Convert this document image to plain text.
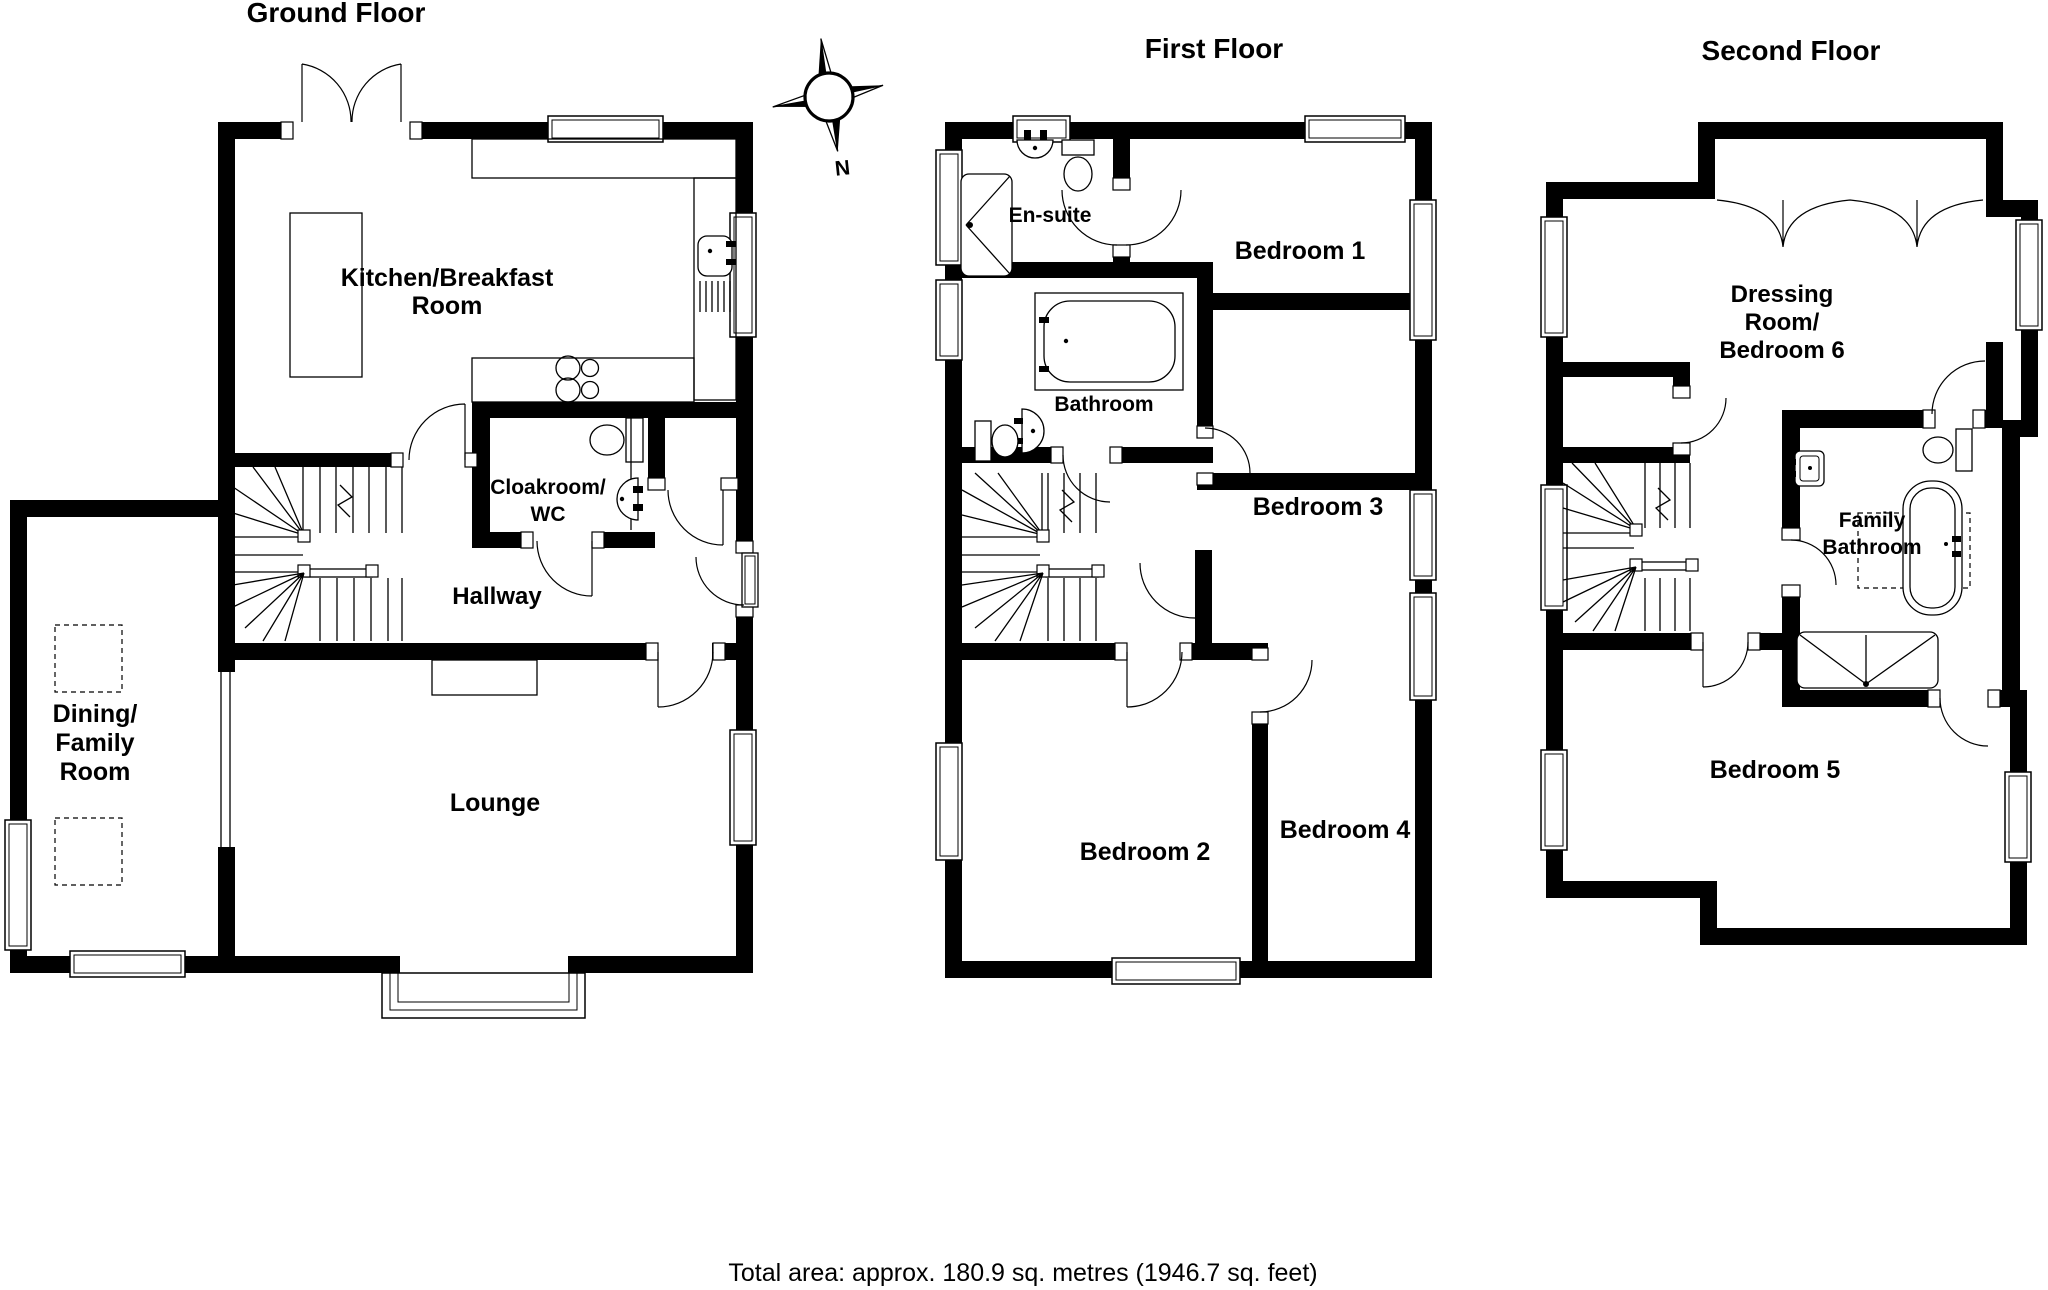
Ground Floor
Kitchen/Breakfast
Room
Cloakroom/
WC
Hallway
Dining/
Family
Room
Lounge
N
First Floor
En-suite
Bedroom 1
Bathroom
Bedroom 3
Bedroom 2
Bedroom 4
Second Floor
Dressing
Room/
Bedroom 6
Family
Bathroom
Bedroom 5
Total area: approx. 180.9 sq. metres (1946.7 sq. feet)
